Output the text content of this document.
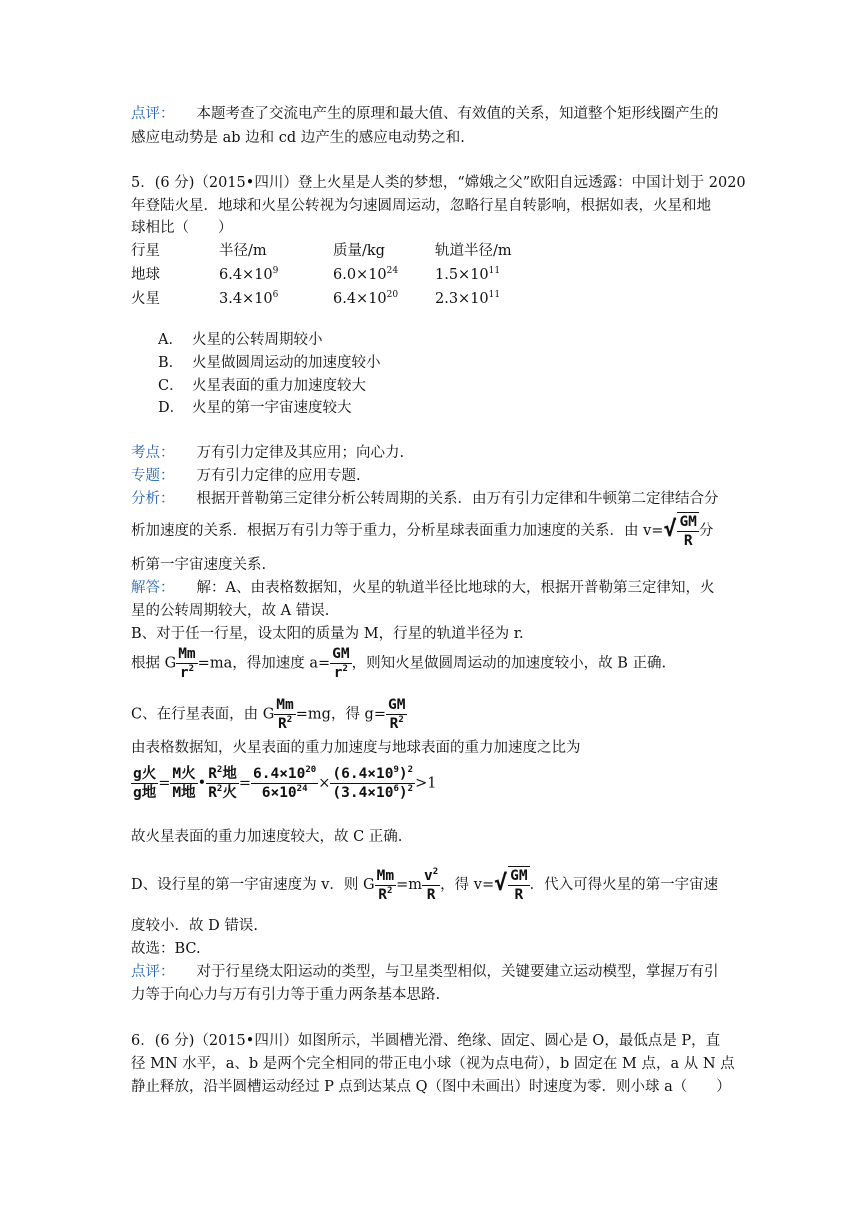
点评： 本题考查了交流电产生的原理和最大值、有效值的关系，知道整个矩形线圈产生的
感应电动势是 ab 边和 cd 边产生的感应电动势之和.
5．(6 分)（2015•四川）登上火星是人类的梦想，“嫦娥之父”欧阳自远透露：中国计划于 2020
年登陆火星．地球和火星公转视为匀速圆周运动，忽略行星自转影响，根据如表，火星和地
球相比（　　）
行星	半径/m	质量/kg	轨道半径/m
地球	$6.4\times 10^9$	$6.0\times 10^{24}$	$1.5\times 10^{11}$
火星	$3.4\times 10^6$	$6.4\times 10^{20}$	$2.3\times 10^{11}$
A． 火星的公转周期较小
B． 火星做圆周运动的加速度较小
C． 火星表面的重力加速度较大
D． 火星的第一宇宙速度较大
考点： 万有引力定律及其应用；向心力.
专题： 万有引力定律的应用专题.
分析： 根据开普勒第三定律分析公转周期的关系．由万有引力定律和牛顿第二定律结合分
析加速度的关系．根据万有引力等于重力，分析星球表面重力加速度的关系．由 v= √ $\frac{GM}{R}$ 分
析第一宇宙速度关系.
解答： 解：A、由表格数据知，火星的轨道半径比地球的大，根据开普勒第三定律知，火
星的公转周期较大，故 A 错误.
B、对于任一行星，设太阳的质量为 M，行星的轨道半径为 r.
根据 G $\frac{Mm}{r^2} =ma$，得加速度 $a= \frac{GM}{r^2}$ ，则知火星做圆周运动的加速度较小，故 B 正确.
C、在行星表面，由 G $\frac{Mm}{R^2} =mg$，得 $g= \frac{GM}{R^2}$
由表格数据知，火星表面的重力加速度与地球表面的重力加速度之比为
$\frac{\text{g火}}{\text{g地}} = \frac{\text{M火}}{\text{M地}}$ • $\frac{R^2地}{R^2火} = \frac{6.4\times 10^{20}}{6\times 10^{24}} \times \frac{(6.4\times 10^9)^2}{(3.4\times 10^6)^2} >1$
故火星表面的重力加速度较大，故 C 正确.
D、设行星的第一宇宙速度为 v．则 G $\frac{Mm}{R^2} =m \frac{v^2}{R}$ ，得 v= √ $\frac{GM}{R}$ ．代入可得火星的第一宇宙速
度较小．故 D 错误.
故选：BC.
点评： 对于行星绕太阳运动的类型，与卫星类型相似，关键要建立运动模型，掌握万有引
力等于向心力与万有引力等于重力两条基本思路.
6．(6 分)（2015•四川）如图所示，半圆槽光滑、绝缘、固定、圆心是 O，最低点是 P，直
径 MN 水平，a、b 是两个完全相同的带正电小球（视为点电荷），b 固定在 M 点，a 从 N 点
静止释放，沿半圆槽运动经过 P 点到达某点 Q（图中未画出）时速度为零．则小球 a（　　）
